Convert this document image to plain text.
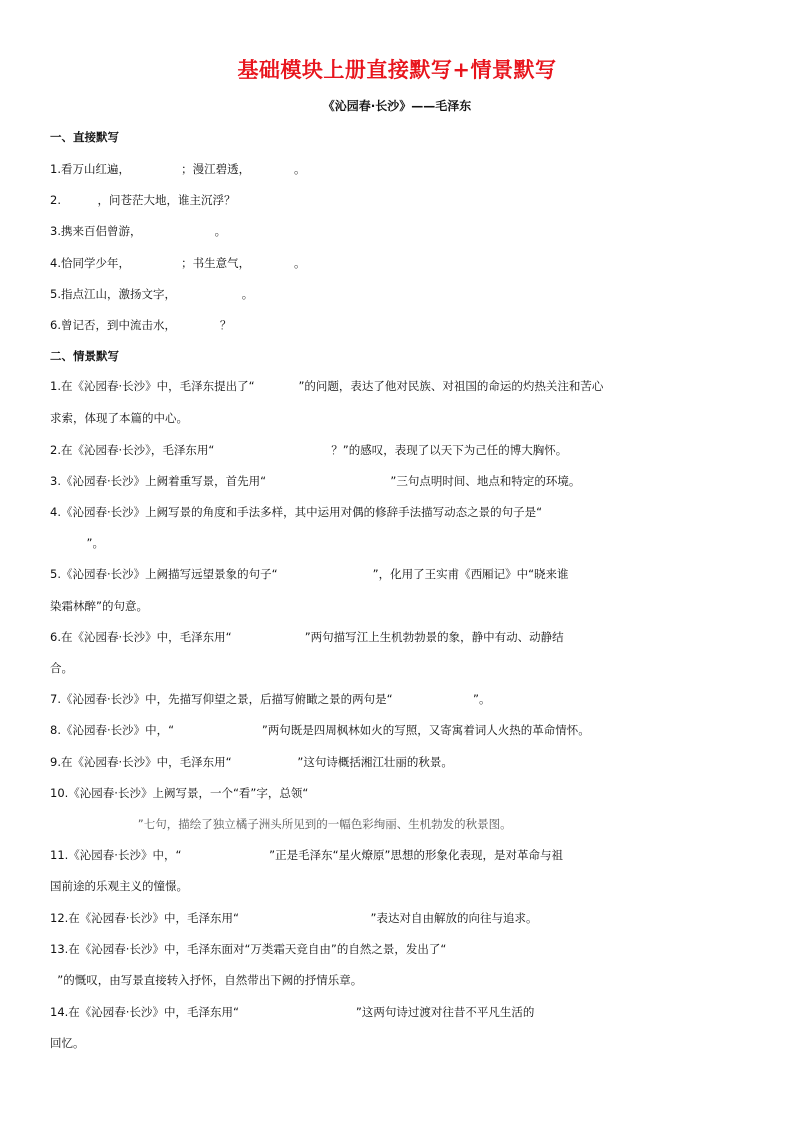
基础模块上册直接默写+情景默写
《沁园春·长沙》——毛泽东
一、直接默写
1.看万山红遍，              ；漫江碧透，            。
2.          ，问苍茫大地，谁主沉浮？
3.携来百侣曾游，                    。
4.恰同学少年，              ；书生意气，            。
5.指点江山，激扬文字，                  。
6.曾记否，到中流击水，            ？
二、情景默写
1.在《沁园春·长沙》中，毛泽东提出了“            ”的问题，表达了他对民族、对祖国的命运的灼热关注和苦心
求索，体现了本篇的中心。
2.在《沁园春·长沙》，毛泽东用“                                ？”的感叹，表现了以天下为己任的博大胸怀。
3.《沁园春·长沙》上阙着重写景，首先用“                                  ”三句点明时间、地点和特定的环境。
4.《沁园春·长沙》上阙写景的角度和手法多样，其中运用对偶的修辞手法描写动态之景的句子是“
”。
5.《沁园春·长沙》上阙描写远望景象的句子“                          ”，化用了王实甫《西厢记》中“晓来谁
染霜林醉”的句意。
6.在《沁园春·长沙》中，毛泽东用“                    ”两句描写江上生机勃勃景的象，静中有动、动静结
合。
7.《沁园春·长沙》中，先描写仰望之景，后描写俯瞰之景的两句是“                      ”。
8.《沁园春·长沙》中，“                        ”两句既是四周枫林如火的写照，又寄寓着词人火热的革命情怀。
9.在《沁园春·长沙》中，毛泽东用“                  ”这句诗概括湘江壮丽的秋景。
10.《沁园春·长沙》上阙写景，一个“看”字，总领“
”七句，描绘了独立橘子洲头所见到的一幅色彩绚丽、生机勃发的秋景图。
11.《沁园春·长沙》中，“                        ”正是毛泽东“星火燎原”思想的形象化表现，是对革命与祖
国前途的乐观主义的憧憬。
12.在《沁园春·长沙》中，毛泽东用“                                    ”表达对自由解放的向往与追求。
13.在《沁园春·长沙》中，毛泽东面对“万类霜天竞自由”的自然之景，发出了“
”的慨叹，由写景直接转入抒怀，自然带出下阙的抒情乐章。
14.在《沁园春·长沙》中，毛泽东用“                                ”这两句诗过渡对往昔不平凡生活的
回忆。
